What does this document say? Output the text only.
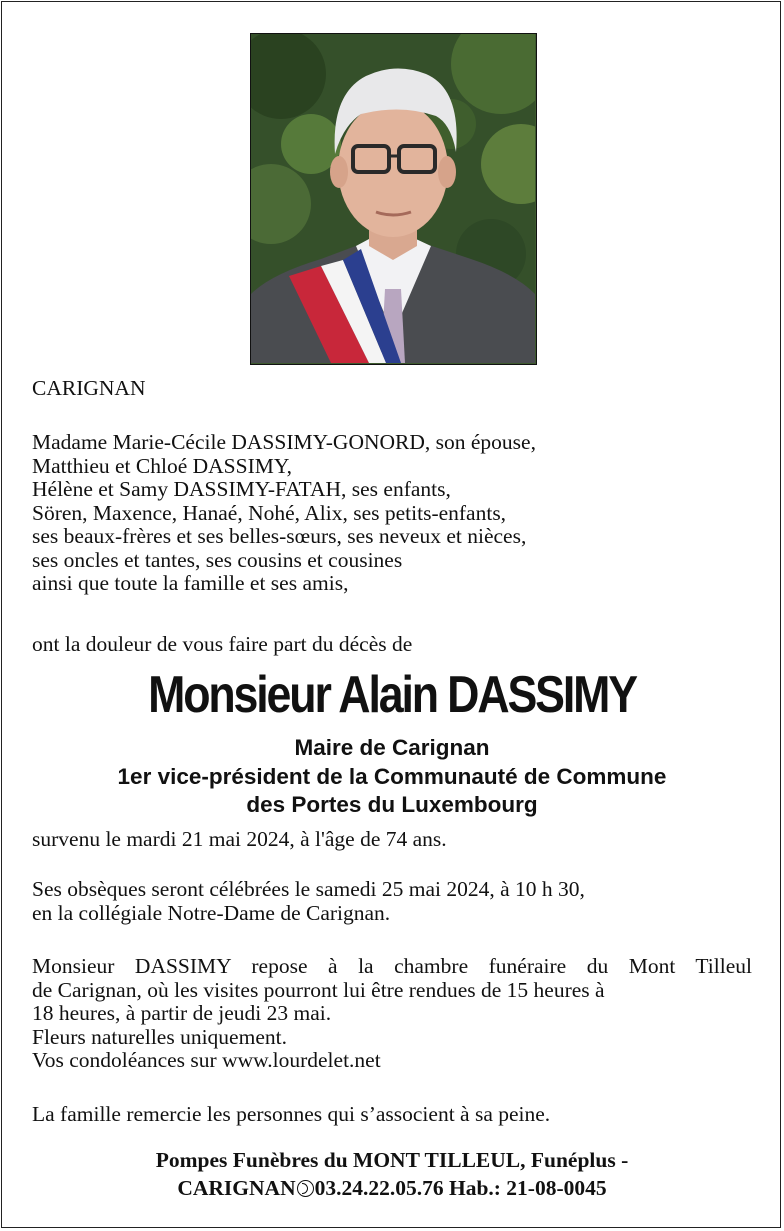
CARIGNAN
Madame Marie-Cécile DASSIMY-GONORD, son épouse,
Matthieu et Chloé DASSIMY,
Hélène et Samy DASSIMY-FATAH, ses enfants,
Sören, Maxence, Hanaé, Nohé, Alix, ses petits-enfants,
ses beaux-frères et ses belles-sœurs, ses neveux et nièces,
ses oncles et tantes, ses cousins et cousines
ainsi que toute la famille et ses amis,
ont la douleur de vous faire part du décès de
Monsieur Alain DASSIMY
Maire de Carignan
1er vice-président de la Communauté de Commune
des Portes du Luxembourg
survenu le mardi 21 mai 2024, à l'âge de 74 ans.
Ses obsèques seront célébrées le samedi 25 mai 2024, à 10 h 30,
en la collégiale Notre-Dame de Carignan.
Monsieur DASSIMY repose à la chambre funéraire du Mont Tilleul
de Carignan, où les visites pourront lui être rendues de 15 heures à
18 heures, à partir de jeudi 23 mai.
Fleurs naturelles uniquement.
Vos condoléances sur www.lourdelet.net
La famille remercie les personnes qui s’associent à sa peine.
Pompes Funèbres du MONT TILLEUL, Funéplus -
CARIGNAN 03.24.22.05.76 Hab.: 21-08-0045
